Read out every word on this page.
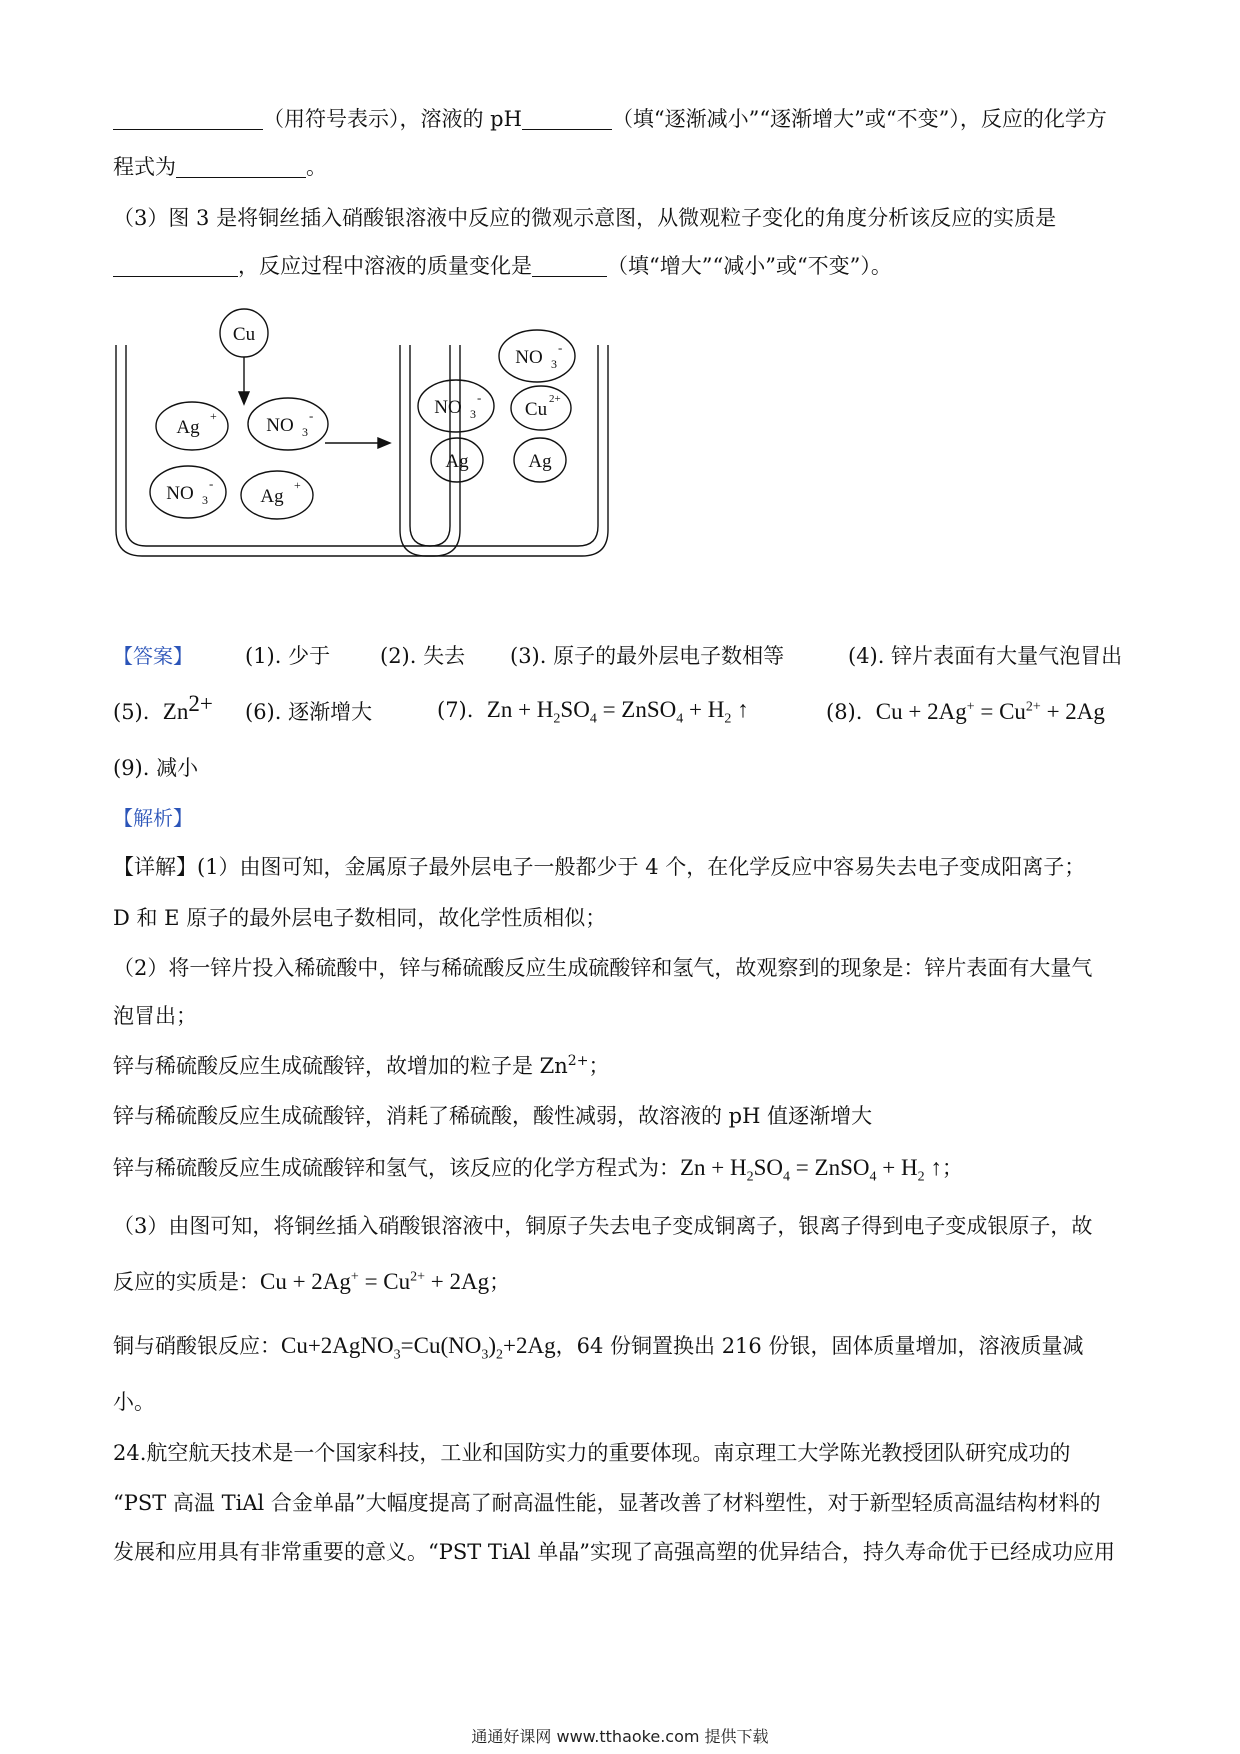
（用符号表示），溶液的 pH	（填“逐渐减小”“逐渐增大”或“不变”），反应的化学方
程式为	。
（3）图 3 是将铜丝插入硝酸银溶液中反应的微观示意图，从微观粒子变化的角度分析该反应的实质是
，反应过程中溶液的质量变化是	（填“增大”“减小”或“不变”）。
Cu
Ag
+	NO 3
-
NO 3
-
Ag
+
NO 3
-
NO 3
-
Cu 2+
Ag	Ag
【答案】 (1). 少于 (2). 失去 (3). 原子的最外层电子数相等	(4). 锌片表面有大量气泡冒出
(5). $Zn^{2+}$ (6). 逐渐增大	(7). $Zn + H_2SO_4$ = ZnSO$_4$ + $H_2$ ↑	(8). $Cu + 2Ag^+ = Cu^{2+} + 2Ag$
(9). 减小
【解析】
【详解】(1）由图可知，金属原子最外层电子一般都少于 4 个，在化学反应中容易失去电子变成阳离子；
D 和 E 原子的最外层电子数相同，故化学性质相似；
（2）将一锌片投入稀硫酸中，锌与稀硫酸反应生成硫酸锌和氢气，故观察到的现象是：锌片表面有大量气
泡冒出；
锌与稀硫酸反应生成硫酸锌，故增加的粒子是 $Zn^{2+}$；
锌与稀硫酸反应生成硫酸锌，消耗了稀硫酸，酸性减弱，故溶液的 pH 值逐渐增大
锌与稀硫酸反应生成硫酸锌和氢气，该反应的化学方程式为：$Zn + H_2SO_4$ = ZnSO$_4$ + $H_2$ ↑；
（3）由图可知，将铜丝插入硝酸银溶液中，铜原子失去电子变成铜离子，银离子得到电子变成银原子，故
反应的实质是：$Cu + 2Ag^+ = Cu^{2+} + 2Ag$；
铜与硝酸银反应：$Cu+2AgNO_3=Cu(NO_3)_2+2Ag$，64 份铜置换出 216 份银，固体质量增加，溶液质量减
小。
24.航空航天技术是一个国家科技，工业和国防实力的重要体现。南京理工大学陈光教授团队研究成功的
“PST 高温 TiAl 合金单晶”大幅度提高了耐高温性能，显著改善了材料塑性，对于新型轻质高温结构材料的
发展和应用具有非常重要的意义。“PST TiAl 单晶”实现了高强高塑的优异结合，持久寿命优于已经成功应用
通通好课网 www.tthaoke.com 提供下载
